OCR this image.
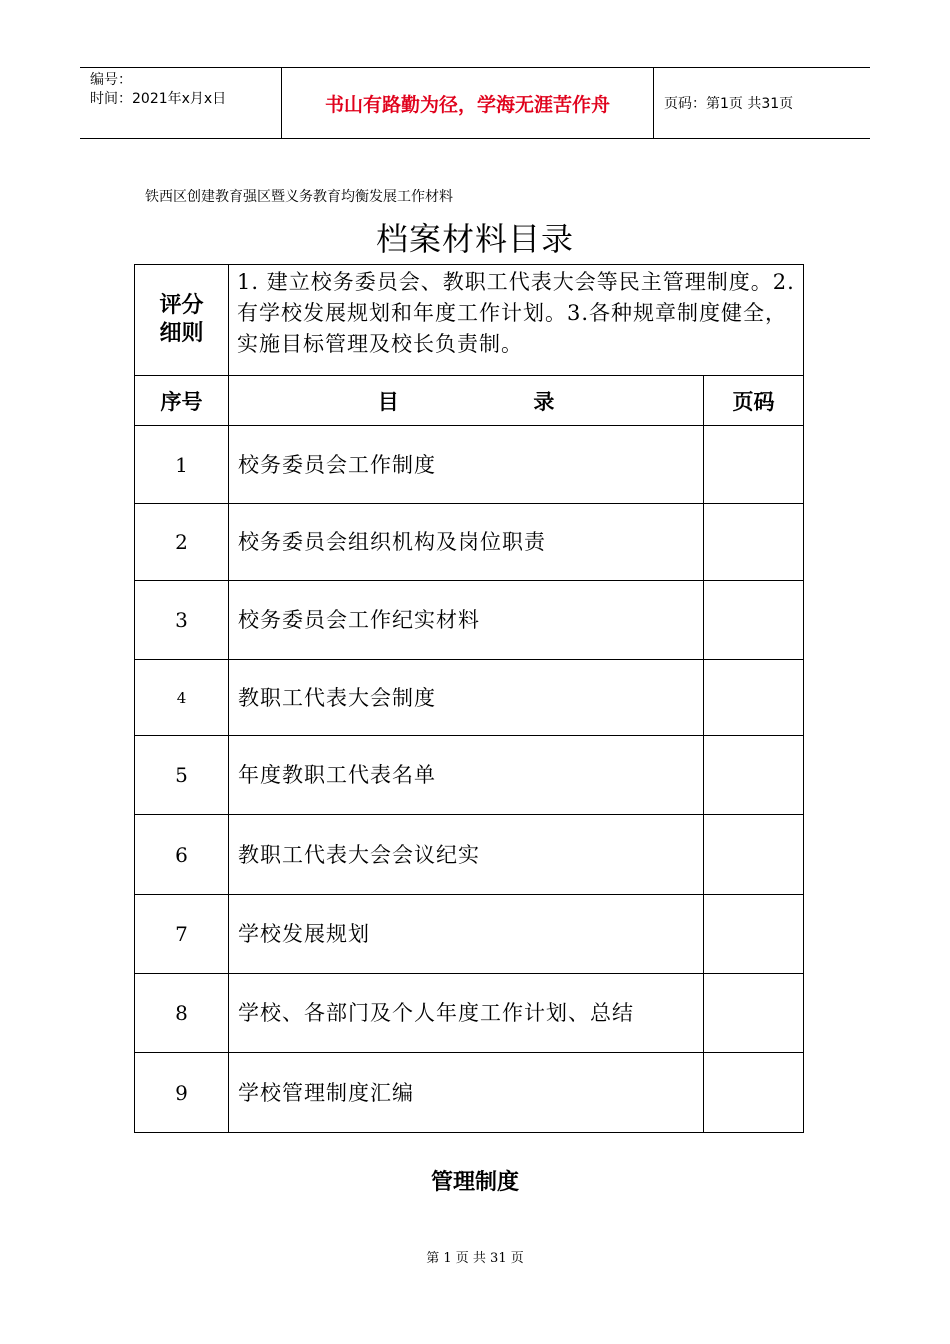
编号：
时间：2021年x月x日	书山有路勤为径，学海无涯苦作舟	页码：第1页 共31页
铁西区创建教育强区暨义务教育均衡发展工作材料
档案材料目录
评分
细则	1. 建立校务委员会、教职工代表大会等民主管理制度。2.有学校发展规划和年度工作计划。3.各种规章制度健全，实施目标管理及校长负责制。	
序号	目 录	页码
1	校务委员会工作制度	
2	校务委员会组织机构及岗位职责	
3	校务委员会工作纪实材料	
4	教职工代表大会制度	
5	年度教职工代表名单	
6	教职工代表大会会议纪实	
7	学校发展规划	
8	学校、各部门及个人年度工作计划、总结	
9	学校管理制度汇编	
管理制度
第 1 页 共 31 页
